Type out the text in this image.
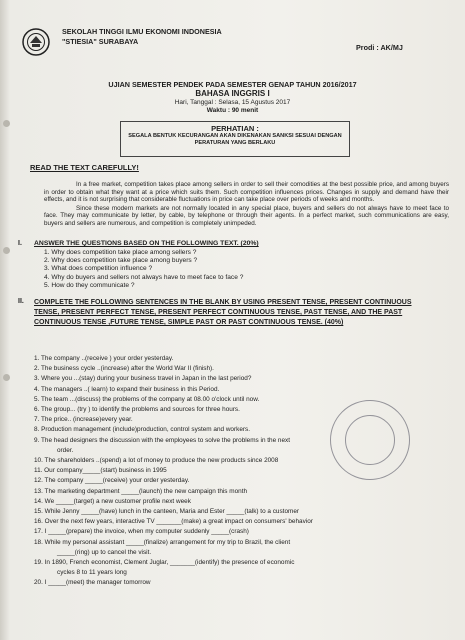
SEKOLAH TINGGI ILMU EKONOMI INDONESIA
"STIESIA" SURABAYA
Prodi : AK/MJ
UJIAN SEMESTER PENDEK PADA SEMESTER GENAP TAHUN 2016/2017
BAHASA INGGRIS I
Hari, Tanggal : Selasa, 15 Agustus 2017
Waktu : 90 menit
PERHATIAN :
SEGALA BENTUK KECURANGAN AKAN DIKENAKAN SANKSI SESUAI DENGAN PERATURAN YANG BERLAKU
READ THE TEXT CAREFULLY!

In a free market, competition takes place among sellers in order to sell their comodities at the best possible price, and among buyers in order to obtain what they want at a price which suits them. Such competition influences prices. Changes in supply and demand have their effects, and it is not surprising that considerable fluctuations in price can take place over periods of weeks and months.

Since these modern markets are not normally located in any special place, buyers and sellers do not always have to meet face to face. They may communicate by letter, by cable, by telephone or through their agents. In a perfect market, such communications are easy, buyers and sellers are numerous, and competition is completely unimpeded.

I. ANSWER THE QUESTIONS BASED ON THE FOLLOWING TEXT. (20%)
1. Why does competition take place among sellers ?
2. Why does competition take place among buyers ?
3. What does competition influence ?
4. Why do buyers and sellers not always have to meet face to face ?
5. How do they communicate ?
II. COMPLETE THE FOLLOWING SENTENCES IN THE BLANK BY USING PRESENT TENSE, PRESENT CONTINUOUS TENSE, PRESENT PERFECT TENSE, PRESENT PERFECT CONTINUOUS TENSE, PAST TENSE, AND THE PAST CONTINUOUS TENSE ,FUTURE TENSE, SIMPLE PAST OR PAST CONTINUOUS TENSE. (40%)
1. The company ..(receive ) your order yesterday.
2. The business cycle ..(increase) after the World War II (finish).
3. Where you ...(stay) during your business travel in Japan in the last period?
4. The managers ..( learn) to expand their business in this Period.
5. The team ...(discuss) the problems of the company at 08.00 o'clock until now.
6. The group... (try ) to identify the problems and sources for three hours.
7. The price.. (increase)every year.
8. Production management (include)production, control system and workers.
9. The head designers the discussion with the employees to solve the problems in the next
order.
10. The shareholders ..(spend) a lot of money to produce the new products since 2008
11. Our company_____(start) business in 1995
12. The company _____(receive) your order yesterday.
13. The marketing department _____(launch) the new campaign this month
14. We _____(target) a new customer profile next week
15. While Jenny _____(have) lunch in the canteen, Maria and Ester _____(talk) to a customer
16. Over the next few years, interactive TV _______(make) a great impact on consumers' behavior
17. I _____(prepare) the invoice, when my computer suddenly _____(crash)
18. While my personal assistant _____(finalize) arrangement for my trip to Brazil, the client
_____(ring) up to cancel the visit.
19. In 1890, French economist, Clement Juglar, _______(identify) the presence of economic
cycles 8 to 11 years long
20. I _____(meet) the manager tomorrow
